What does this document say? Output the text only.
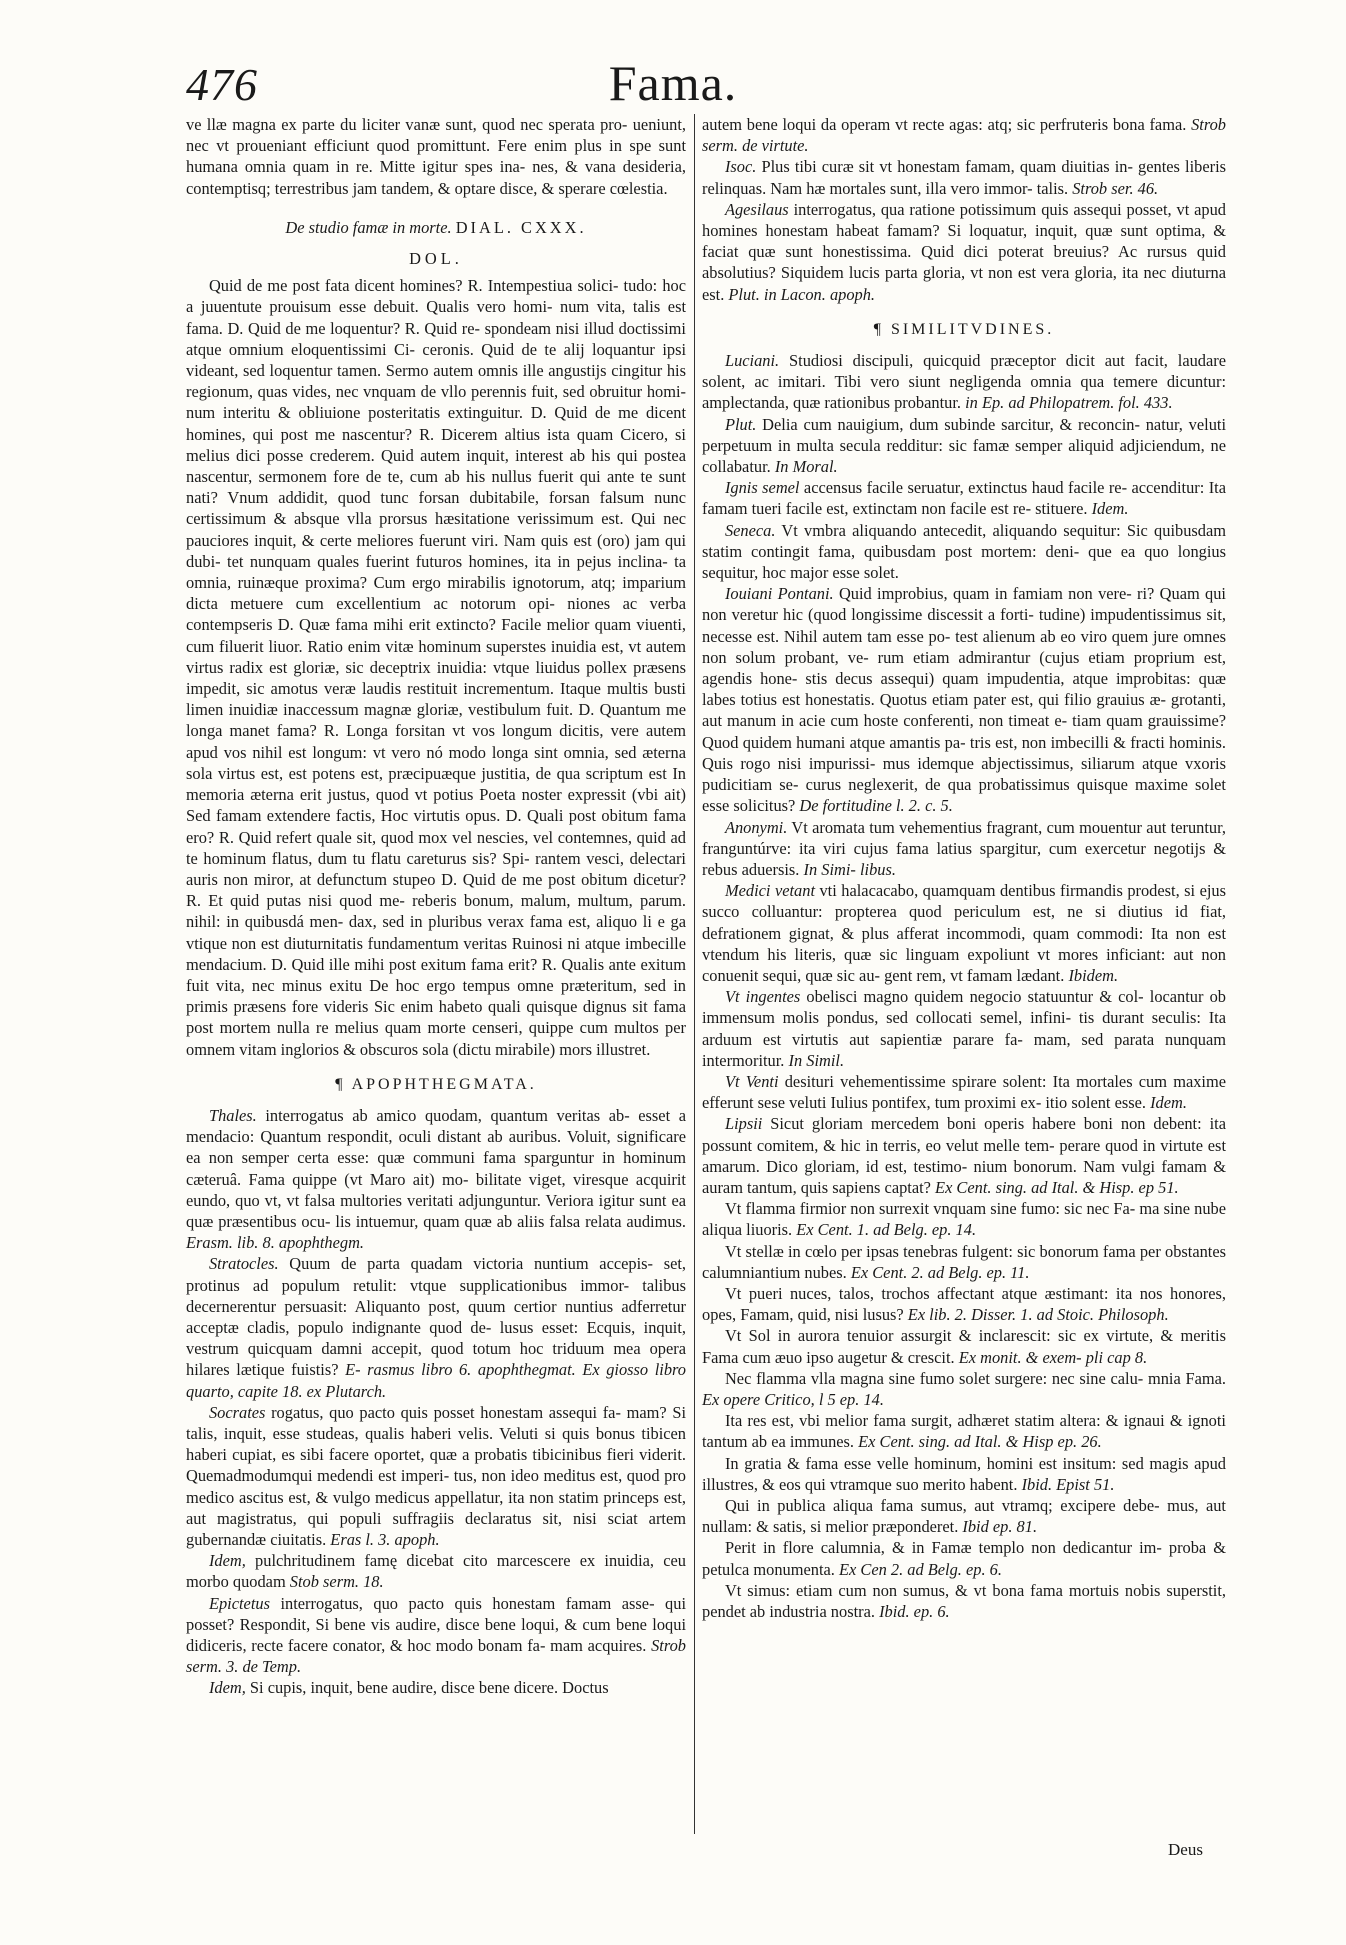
476	Fama.

ve llæ magna ex parte du liciter vanæ sunt, quod nec sperata pro- ueniunt, nec vt proueniant efficiunt quod promittunt. Fere enim plus in spe sunt humana omnia quam in re. Mitte igitur spes ina- nes, & vana desideria, contemptisq; terrestribus jam tandem, & optare disce, & sperare cœlestia.

De studio famæ in morte. DIAL. CXXX.
DOL.

Quid de me post fata dicent homines? R. Intempestiua solici- tudo: hoc a juuentute prouisum esse debuit. Qualis vero homi- num vita, talis est fama. D. Quid de me loquentur? R. Quid re- spondeam nisi illud doctissimi atque omnium eloquentissimi Ci- ceronis. Quid de te alij loquantur ipsi videant, sed loquentur tamen. Sermo autem omnis ille angustijs cingitur his regionum, quas vides, nec vnquam de vllo perennis fuit, sed obruitur homi- num interitu & obliuione posteritatis extinguitur. D. Quid de me dicent homines, qui post me nascentur? R. Dicerem altius ista quam Cicero, si melius dici posse crederem. Quid autem inquit, interest ab his qui postea nascentur, sermonem fore de te, cum ab his nullus fuerit qui ante te sunt nati? Vnum addidit, quod tunc forsan dubitabile, forsan falsum nunc certissimum & absque vlla prorsus hæsitatione verissimum est. Qui nec pauciores inquit, & certe meliores fuerunt viri. Nam quis est (oro) jam qui dubi- tet nunquam quales fuerint futuros homines, ita in pejus inclina- ta omnia, ruinæque proxima? Cum ergo mirabilis ignotorum, atq; imparium dicta metuere cum excellentium ac notorum opi- niones ac verba contempseris D. Quæ fama mihi erit extincto? Facile melior quam viuenti, cum filuerit liuor. Ratio enim vitæ hominum superstes inuidia est, vt autem virtus radix est gloriæ, sic deceptrix inuidia: vtque liuidus pollex præsens impedit, sic amotus veræ laudis restituit incrementum. Itaque multis busti limen inuidiæ inaccessum magnæ gloriæ, vestibulum fuit. D. Quantum me longa manet fama? R. Longa forsitan vt vos longum dicitis, vere autem apud vos nihil est longum: vt vero nó modo longa sint omnia, sed æterna sola virtus est, est potens est, præcipuæque justitia, de qua scriptum est In memoria æterna erit justus, quod vt potius Poeta noster expressit (vbi ait) Sed famam extendere factis, Hoc virtutis opus. D. Quali post obitum fama ero? R. Quid refert quale sit, quod mox vel nescies, vel contemnes, quid ad te hominum flatus, dum tu flatu careturus sis? Spi- rantem vesci, delectari auris non miror, at defunctum stupeo D. Quid de me post obitum dicetur? R. Et quid putas nisi quod me- reberis bonum, malum, multum, parum. nihil: in quibusdá men- dax, sed in pluribus verax fama est, aliquo li e ga vtique non est diuturnitatis fundamentum veritas Ruinosi ni atque imbecille mendacium. D. Quid ille mihi post exitum fama erit? R. Qualis ante exitum fuit vita, nec minus exitu De hoc ergo tempus omne præteritum, sed in primis præsens fore videris Sic enim habeto quali quisque dignus sit fama post mortem nulla re melius quam morte censeri, quippe cum multos per omnem vitam inglorios & obscuros sola (dictu mirabile) mors illustret.

¶ APOPHTHEGMATA.

Thales. interrogatus ab amico quodam, quantum veritas ab- esset a mendacio: Quantum respondit, oculi distant ab auribus. Voluit, significare ea non semper certa esse: quæ communi fama sparguntur in hominum cæteruâ. Fama quippe (vt Maro ait) mo- bilitate viget, viresque acquirit eundo, quo vt, vt falsa multories veritati adjunguntur. Veriora igitur sunt ea quæ præsentibus ocu- lis intuemur, quam quæ ab aliis falsa relata audimus. Erasm. lib. 8. apophthegm.

Stratocles. Quum de parta quadam victoria nuntium accepis- set, protinus ad populum retulit: vtque supplicationibus immor- talibus decernerentur persuasit: Aliquanto post, quum certior nuntius adferretur acceptæ cladis, populo indignante quod de- lusus esset: Ecquis, inquit, vestrum quicquam damni accepit, quod totum hoc triduum mea opera hilares lætique fuistis? E- rasmus libro 6. apophthegmat. Ex giosso libro quarto, capite 18. ex Plutarch.

Socrates rogatus, quo pacto quis posset honestam assequi fa- mam? Si talis, inquit, esse studeas, qualis haberi velis. Veluti si quis bonus tibicen haberi cupiat, es sibi facere oportet, quæ a probatis tibicinibus fieri viderit. Quemadmodumqui medendi est imperi- tus, non ideo meditus est, quod pro medico ascitus est, & vulgo medicus appellatur, ita non statim princeps est, aut magistratus, qui populi suffragiis declaratus sit, nisi sciat artem gubernandæ ciuitatis. Eras l. 3. apoph.

Idem, pulchritudinem famę dicebat cito marcescere ex inuidia, ceu morbo quodam Stob serm. 18.

Epictetus interrogatus, quo pacto quis honestam famam asse- qui posset? Respondit, Si bene vis audire, disce bene loqui, & cum bene loqui didiceris, recte facere conator, & hoc modo bonam fa- mam acquires. Strob serm. 3. de Temp.

Idem, Si cupis, inquit, bene audire, disce bene dicere. Doctus

autem bene loqui da operam vt recte agas: atq; sic perfruteris bona fama. Strob serm. de virtute.

Isoc. Plus tibi curæ sit vt honestam famam, quam diuitias in- gentes liberis relinquas. Nam hæ mortales sunt, illa vero immor- talis. Strob ser. 46.

Agesilaus interrogatus, qua ratione potissimum quis assequi posset, vt apud homines honestam habeat famam? Si loquatur, inquit, quæ sunt optima, & faciat quæ sunt honestissima. Quid dici poterat breuius? Ac rursus quid absolutius? Siquidem lucis parta gloria, vt non est vera gloria, ita nec diuturna est. Plut. in Lacon. apoph.

¶ SIMILITVDINES.

Luciani. Studiosi discipuli, quicquid præceptor dicit aut facit, laudare solent, ac imitari. Tibi vero siunt negligenda omnia qua temere dicuntur: amplectanda, quæ rationibus probantur. in Ep. ad Philopatrem. fol. 433.

Plut. Delia cum nauigium, dum subinde sarcitur, & reconcin- natur, veluti perpetuum in multa secula redditur: sic famæ semper aliquid adjiciendum, ne collabatur. In Moral.

Ignis semel accensus facile seruatur, extinctus haud facile re- accenditur: Ita famam tueri facile est, extinctam non facile est re- stituere. Idem.

Seneca. Vt vmbra aliquando antecedit, aliquando sequitur: Sic quibusdam statim contingit fama, quibusdam post mortem: deni- que ea quo longius sequitur, hoc major esse solet.

Iouiani Pontani. Quid improbius, quam in famiam non vere- ri? Quam qui non veretur hic (quod longissime discessit a forti- tudine) impudentissimus sit, necesse est. Nihil autem tam esse po- test alienum ab eo viro quem jure omnes non solum probant, ve- rum etiam admirantur (cujus etiam proprium est, agendis hone- stis decus assequi) quam impudentia, atque improbitas: quæ labes totius est honestatis. Quotus etiam pater est, qui filio grauius æ- grotanti, aut manum in acie cum hoste conferenti, non timeat e- tiam quam grauissime? Quod quidem humani atque amantis pa- tris est, non imbecilli & fracti hominis. Quis rogo nisi impurissi- mus idemque abjectissimus, siliarum atque vxoris pudicitiam se- curus neglexerit, de qua probatissimus quisque maxime solet esse solicitus? De fortitudine l. 2. c. 5.

Anonymi. Vt aromata tum vehementius fragrant, cum mouentur aut teruntur, franguntúrve: ita viri cujus fama latius spargitur, cum exercetur negotijs & rebus aduersis. In Simi- libus.

Medici vetant vti halacacabo, quamquam dentibus firmandis prodest, si ejus succo colluantur: propterea quod periculum est, ne si diutius id fiat, defrationem gignat, & plus afferat incommodi, quam commodi: Ita non est vtendum his literis, quæ sic linguam expoliunt vt mores inficiant: aut non conuenit sequi, quæ sic au- gent rem, vt famam lædant. Ibidem.

Vt ingentes obelisci magno quidem negocio statuuntur & col- locantur ob immensum molis pondus, sed collocati semel, infini- tis durant seculis: Ita arduum est virtutis aut sapientiæ parare fa- mam, sed parata nunquam intermoritur. In Simil.

Vt Venti desituri vehementissime spirare solent: Ita mortales cum maxime efferunt sese veluti Iulius pontifex, tum proximi ex- itio solent esse. Idem.

Lipsii Sicut gloriam mercedem boni operis habere boni non debent: ita possunt comitem, & hic in terris, eo velut melle tem- perare quod in virtute est amarum. Dico gloriam, id est, testimo- nium bonorum. Nam vulgi famam & auram tantum, quis sapiens captat? Ex Cent. sing. ad Ital. & Hisp. ep 51.

Vt flamma firmior non surrexit vnquam sine fumo: sic nec Fa- ma sine nube aliqua liuoris. Ex Cent. 1. ad Belg. ep. 14.

Vt stellæ in cœlo per ipsas tenebras fulgent: sic bonorum fama per obstantes calumniantium nubes. Ex Cent. 2. ad Belg. ep. 11.

Vt pueri nuces, talos, trochos affectant atque æstimant: ita nos honores, opes, Famam, quid, nisi lusus? Ex lib. 2. Disser. 1. ad Stoic. Philosoph.

Vt Sol in aurora tenuior assurgit & inclarescit: sic ex virtute, & meritis Fama cum æuo ipso augetur & crescit. Ex monit. & exem- pli cap 8.

Nec flamma vlla magna sine fumo solet surgere: nec sine calu- mnia Fama. Ex opere Critico, l 5 ep. 14.

Ita res est, vbi melior fama surgit, adhæret statim altera: & ignaui & ignoti tantum ab ea immunes. Ex Cent. sing. ad Ital. & Hisp ep. 26.

In gratia & fama esse velle hominum, homini est insitum: sed magis apud illustres, & eos qui vtramque suo merito habent. Ibid. Epist 51.

Qui in publica aliqua fama sumus, aut vtramq; excipere debe- mus, aut nullam: & satis, si melior præponderet. Ibid ep. 81.

Perit in flore calumnia, & in Famæ templo non dedicantur im- proba & petulca monumenta. Ex Cen 2. ad Belg. ep. 6.

Vt simus: etiam cum non sumus, & vt bona fama mortuis nobis superstit, pendet ab industria nostra. Ibid. ep. 6.

Deus
